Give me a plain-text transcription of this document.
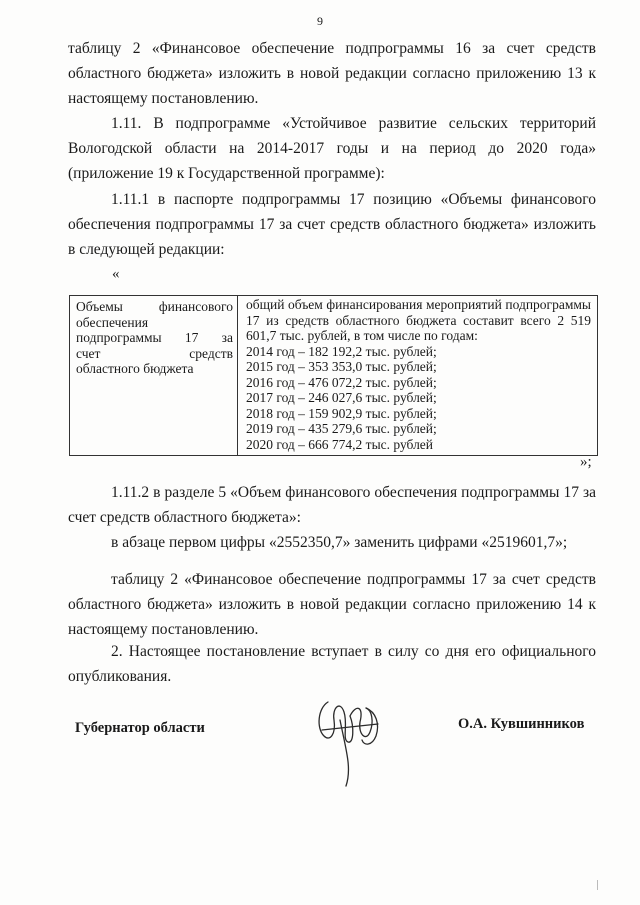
9

таблицу 2 «Финансовое обеспечение подпрограммы 16 за счет средств областного бюджета» изложить в новой редакции согласно приложению 13 к настоящему постановлению.

1.11. В подпрограмме «Устойчивое развитие сельских территорий Вологодской области на 2014-2017 годы и на период до 2020 года» (приложение 19 к Государственной программе):

1.11.1 в паспорте подпрограммы 17 позицию «Объемы финансового обеспечения подпрограммы 17 за счет средств областного бюджета» изложить в следующей редакции:

«
Объемы финансового
обеспечения
подпрограммы 17 за
счет средств
областного бюджета
общий объем финансирования мероприятий подпрограммы 17 из средств областного бюджета составит всего 2 519 601,7 тыс. рублей, в том числе по годам:
2014 год – 182 192,2 тыс. рублей;
2015 год – 353 353,0 тыс. рублей;
2016 год – 476 072,2 тыс. рублей;
2017 год – 246 027,6 тыс. рублей;
2018 год – 159 902,9 тыс. рублей;
2019 год – 435 279,6 тыс. рублей;
2020 год – 666 774,2 тыс. рублей
»;

1.11.2 в разделе 5 «Объем финансового обеспечения подпрограммы 17 за счет средств областного бюджета»:

в абзаце первом цифры «2552350,7» заменить цифрами «2519601,7»;

таблицу 2 «Финансовое обеспечение подпрограммы 17 за счет средств областного бюджета» изложить в новой редакции согласно приложению 14 к настоящему постановлению.

2. Настоящее постановление вступает в силу со дня его официального опубликования.

Губернатор области	О.А. Кувшинников
